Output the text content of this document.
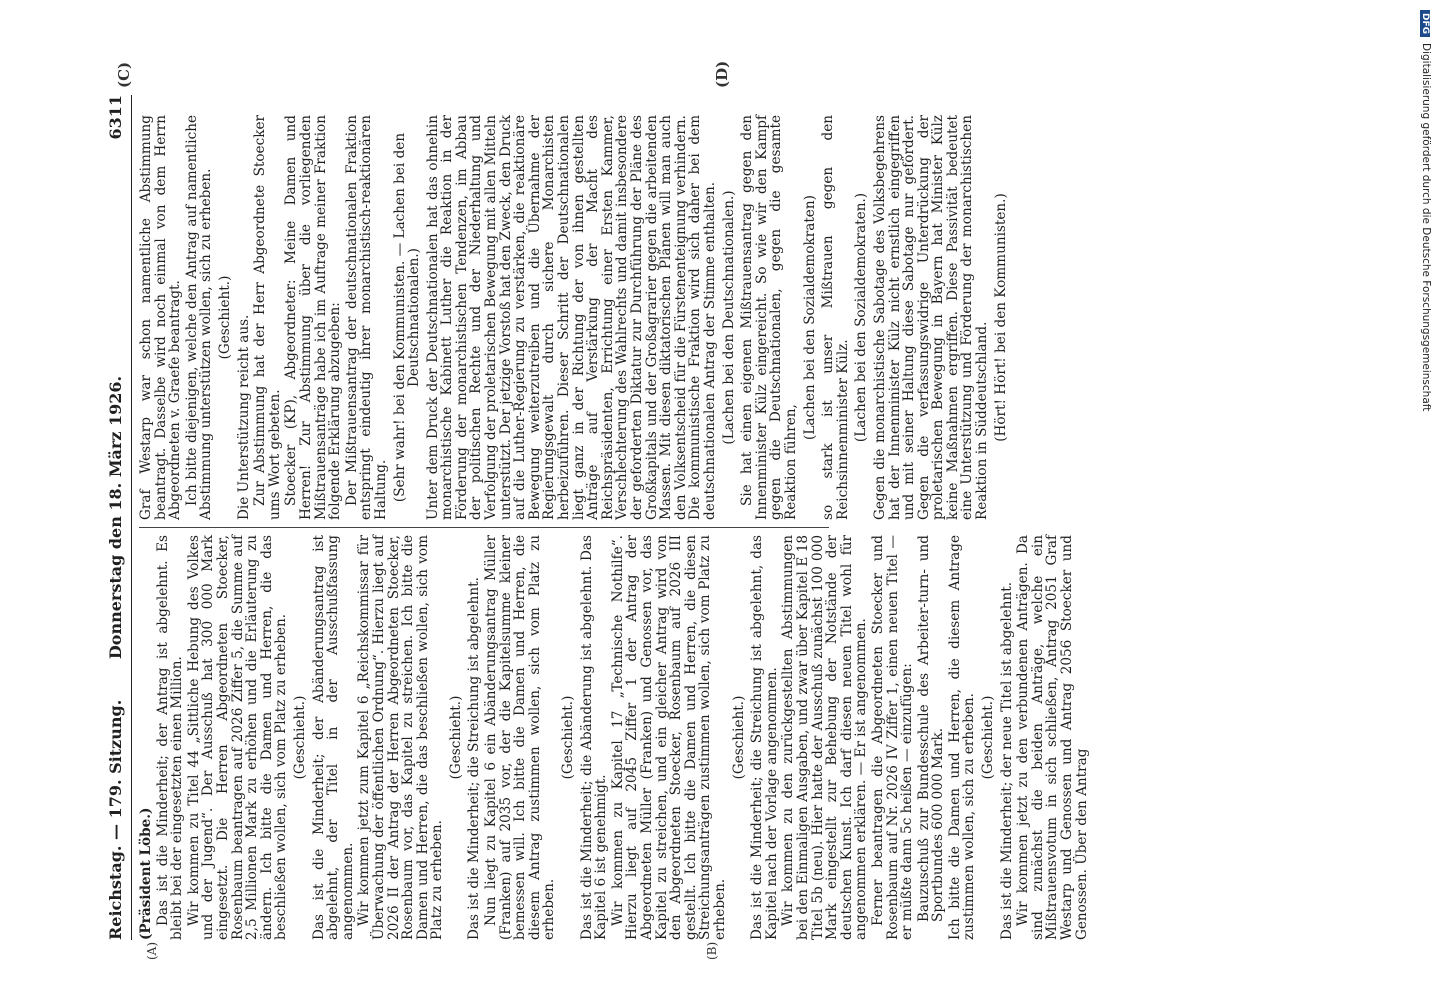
Reichstag. — 179. Sitzung.
Donnerstag den 18. März 1926.
6311
(A)	(B)
(C)	(D)

(Präsident Löbe.) Das ist die Minderheit; der Antrag ist abgelehnt. Es bleibt bei der eingesetzten einen Million. Wir kommen zu Titel 44 „Sittliche Hebung des Volkes und der Jugend“. Der Ausschuß hat 300 000 Mark eingesetzt. Die Herren Abgeordneten Stoecker, Rosenbaum beantragen auf 2026 Ziffer 5, die Summe auf 2,5 Millionen Mark zu erhöhen und die Erläuterung zu ändern. Ich bitte die Damen und Herren, die das beschließen wollen, sich vom Platz zu erheben. (Geschieht.) Das ist die Minderheit; der Abänderungsantrag ist abgelehnt, der Titel in der Ausschußfassung angenommen. Wir kommen jetzt zum Kapitel 6 „Reichskommissar für Überwachung der öffentlichen Ordnung“. Hierzu liegt auf 2026 II der Antrag der Herren Abgeordneten Stoecker, Rosenbaum vor, das Kapitel zu streichen. Ich bitte die Damen und Herren, die das beschließen wollen, sich vom Platz zu erheben.

(Geschieht.) Das ist die Minderheit; die Streichung ist abgelehnt. Nun liegt zu Kapitel 6 ein Abänderungsantrag Müller (Franken) auf 2035 vor, der die Kapitelsumme kleiner bemessen will. Ich bitte die Damen und Herren, die diesem Antrag zustimmen wollen, sich vom Platz zu erheben.

(Geschieht.) Das ist die Minderheit; die Abänderung ist abgelehnt. Das Kapitel 6 ist genehmigt. Wir kommen zu Kapitel 17 „Technische Nothilfe“. Hierzu liegt auf 2045 Ziffer 1 der Antrag der Abgeordneten Müller (Franken) und Genossen vor, das Kapitel zu streichen, und ein gleicher Antrag wird von den Abgeordneten Stoecker, Rosenbaum auf 2026 III gestellt. Ich bitte die Damen und Herren, die diesen Streichungsanträgen zustimmen wollen, sich vom Platz zu erheben.

(Geschieht.) Das ist die Minderheit; die Streichung ist abgelehnt, das Kapitel nach der Vorlage angenommen. Wir kommen zu den zurückgestellten Abstimmungen bei den Einmaligen Ausgaben, und zwar über Kapitel E 18 Titel 5b (neu). Hier hatte der Ausschuß zunächst 100 000 Mark eingestellt zur Behebung der Notstände der deutschen Kunst. Ich darf diesen neuen Titel wohl für angenommen erklären. — Er ist angenommen. Ferner beantragen die Abgeordneten Stoecker und Rosenbaum auf Nr. 2026 IV Ziffer 1, einen neuen Titel — er müßte dann 5c heißen — einzufügen: Bauzuschuß zur Bundesschule des Arbeiter-turn- und Sportbundes 600 000 Mark. Ich bitte die Damen und Herren, die diesem Antrage zustimmen wollen, sich zu erheben. (Geschieht.) Das ist die Minderheit; der neue Titel ist abgelehnt. Wir kommen jetzt zu den verbundenen Anträgen. Da sind zunächst die beiden Anträge, welche ein Mißtrauensvotum in sich schließen, Antrag 2051 Graf Westarp und Genossen und Antrag 2056 Stoecker und Genossen. Über den Antrag

Graf Westarp war schon namentliche Abstimmung beantragt. Dasselbe wird noch einmal von dem Herrn Abgeordneten v. Graefe beantragt. Ich bitte diejenigen, welche den Antrag auf namentliche Abstimmung unterstützen wollen, sich zu erheben. (Geschieht.) Die Unterstützung reicht aus. Zur Abstimmung hat der Herr Abgeordnete Stoecker ums Wort gebeten. Stoecker (KP), Abgeordneter: Meine Damen und Herren! Zur Abstimmung über die vorliegenden Mißtrauensanträge habe ich im Auftrage meiner Fraktion folgende Erklärung abzugeben: Der Mißtrauensantrag der deutschnationalen Fraktion entspringt eindeutig ihrer monarchistisch-reaktionären Haltung. (Sehr wahr! bei den Kommunisten. — Lachen bei den Deutschnationalen.) Unter dem Druck der Deutschnationalen hat das ohnehin monarchistische Kabinett Luther die Reaktion in der Förderung der monarchistischen Tendenzen, im Abbau der politischen Rechte und der Niederhaltung und Verfolgung der proletarischen Bewegung mit allen Mitteln unterstützt. Der jetzige Vorstoß hat den Zweck, den Druck auf die Luther-Regierung zu verstärken, die reaktionäre Bewegung weiterzutreiben und die Übernahme der Regierungsgewalt durch sichere Monarchisten herbeizuführen. Dieser Schritt der Deutschnationalen liegt ganz in der Richtung der von ihnen gestellten Anträge auf Verstärkung der Macht des Reichspräsidenten, Errichtung einer Ersten Kammer, Verschlechterung des Wahlrechts und damit insbesondere der geforderten Diktatur zur Durchführung der Pläne des Großkapitals und der Großagrarier gegen die arbeitenden Massen. Mit diesen diktatorischen Plänen will man auch den Volksentscheid für die Fürstenenteignung verhindern. Die kommunistische Fraktion wird sich daher bei dem deutschnationalen Antrag der Stimme enthalten. (Lachen bei den Deutschnationalen.) Sie hat einen eigenen Mißtrauensantrag gegen den Innenminister Külz eingereicht. So wie wir den Kampf gegen die Deutschnationalen, gegen die gesamte Reaktion führen,

(Lachen bei den Sozialdemokraten) so stark ist unser Mißtrauen gegen den Reichsinnenminister Külz. (Lachen bei den Sozialdemokraten.) Gegen die monarchistische Sabotage des Volksbegehrens hat der Innenminister Külz nicht ernstlich eingegriffen und mit seiner Haltung diese Sabotage nur gefördert. Gegen die verfassungswidrige Unterdrückung der proletarischen Bewegung in Bayern hat Minister Külz keine Maßnahmen ergriffen. Diese Passivität bedeutet eine Unterstützung und Förderung der monarchistischen Reaktion in Süddeutschland. (Hört! Hört! bei den Kommunisten.)

DFGDigitalisierung gefördert durch die Deutsche Forschungsgemeinschaft
